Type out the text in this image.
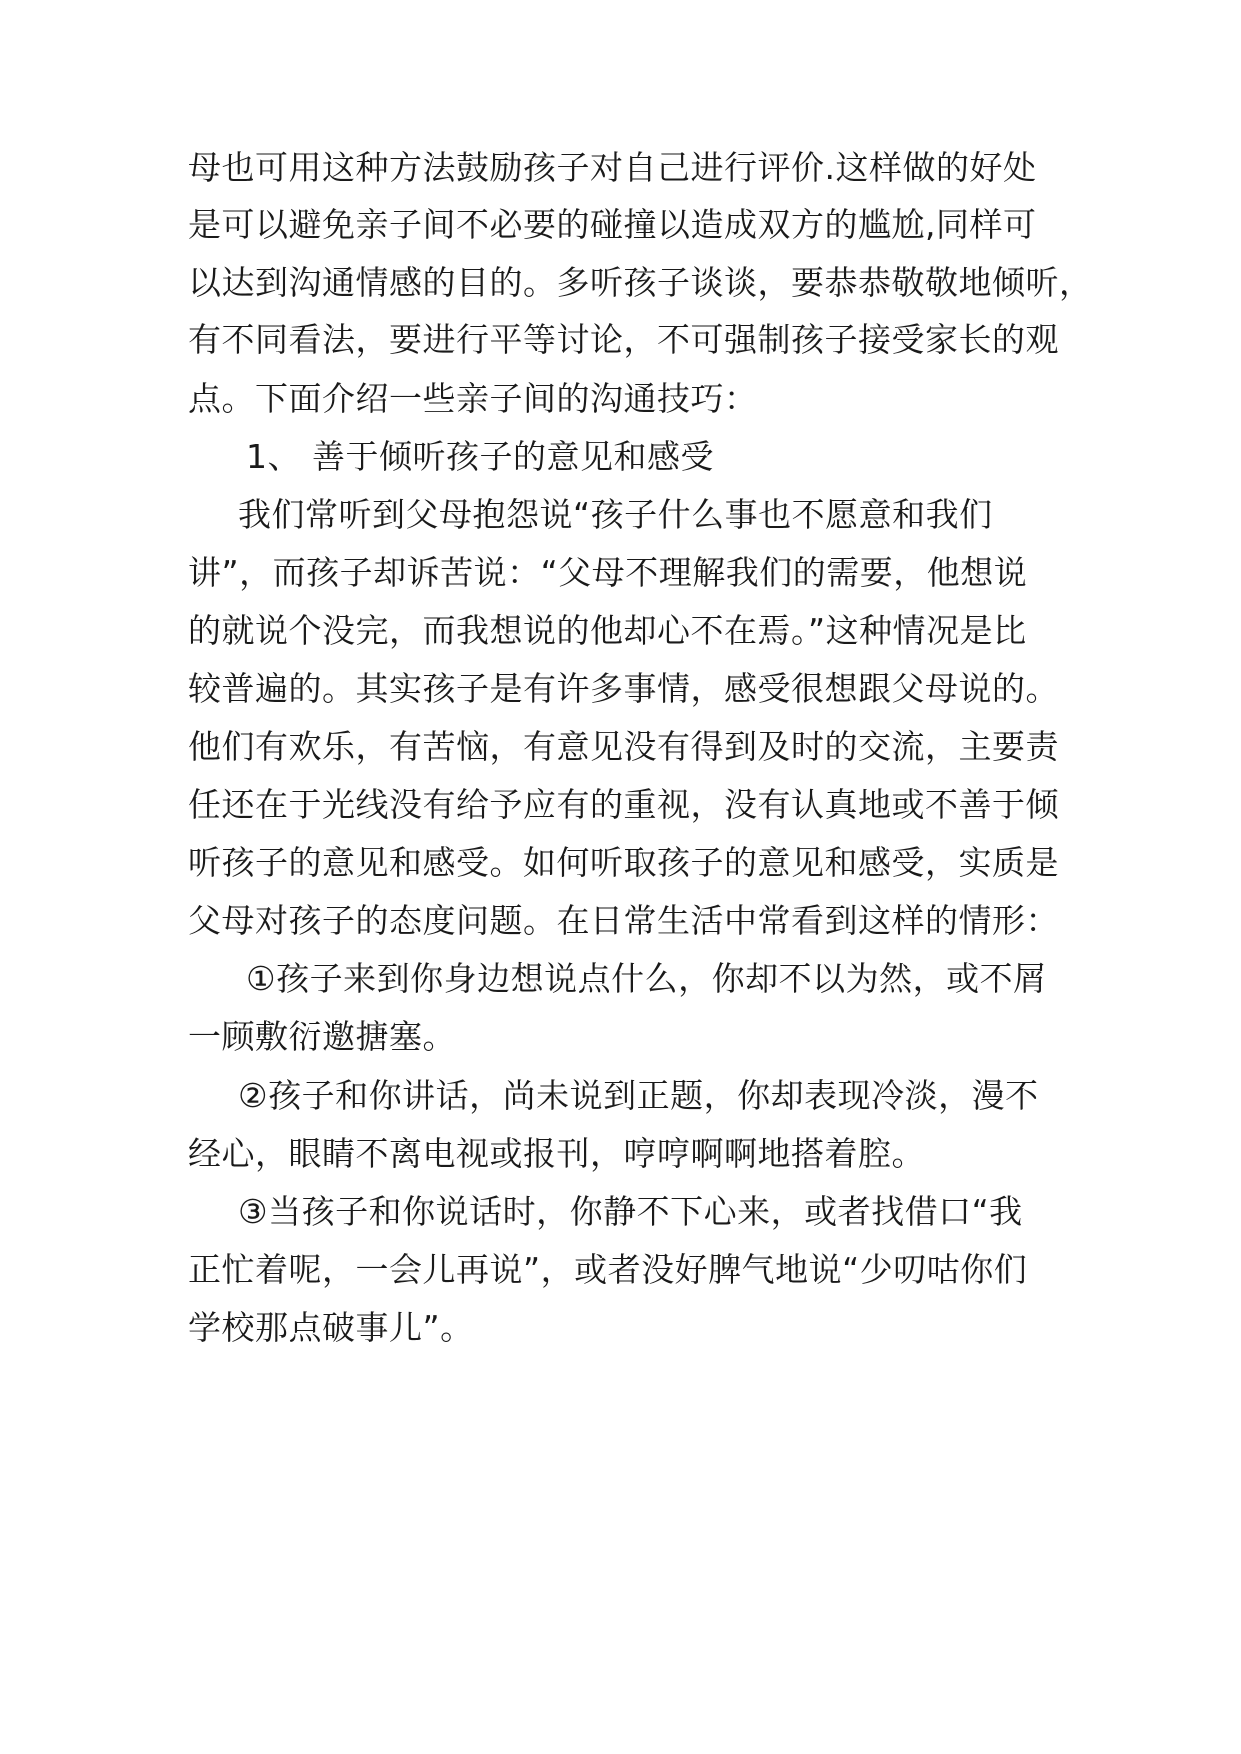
母也可用这种方法鼓励孩子对自己进行评价.这样做的好处
是可以避免亲子间不必要的碰撞以造成双方的尴尬,同样可
以达到沟通情感的目的。多听孩子谈谈，要恭恭敬敬地倾听，
有不同看法，要进行平等讨论，不可强制孩子接受家长的观
点。下面介绍一些亲子间的沟通技巧：
1、 善于倾听孩子的意见和感受
我们常听到父母抱怨说“孩子什么事也不愿意和我们
讲”，而孩子却诉苦说：“父母不理解我们的需要，他想说
的就说个没完，而我想说的他却心不在焉。”这种情况是比
较普遍的。其实孩子是有许多事情，感受很想跟父母说的。
他们有欢乐，有苦恼，有意见没有得到及时的交流，主要责
任还在于光线没有给予应有的重视，没有认真地或不善于倾
听孩子的意见和感受。如何听取孩子的意见和感受，实质是
父母对孩子的态度问题。在日常生活中常看到这样的情形：
①孩子来到你身边想说点什么，你却不以为然，或不屑
一顾敷衍邀搪塞。
②孩子和你讲话，尚未说到正题，你却表现冷淡，漫不
经心，眼睛不离电视或报刊，哼哼啊啊地搭着腔。
③当孩子和你说话时，你静不下心来，或者找借口“我
正忙着呢，一会儿再说”，或者没好脾气地说“少叨咕你们
学校那点破事儿”。
